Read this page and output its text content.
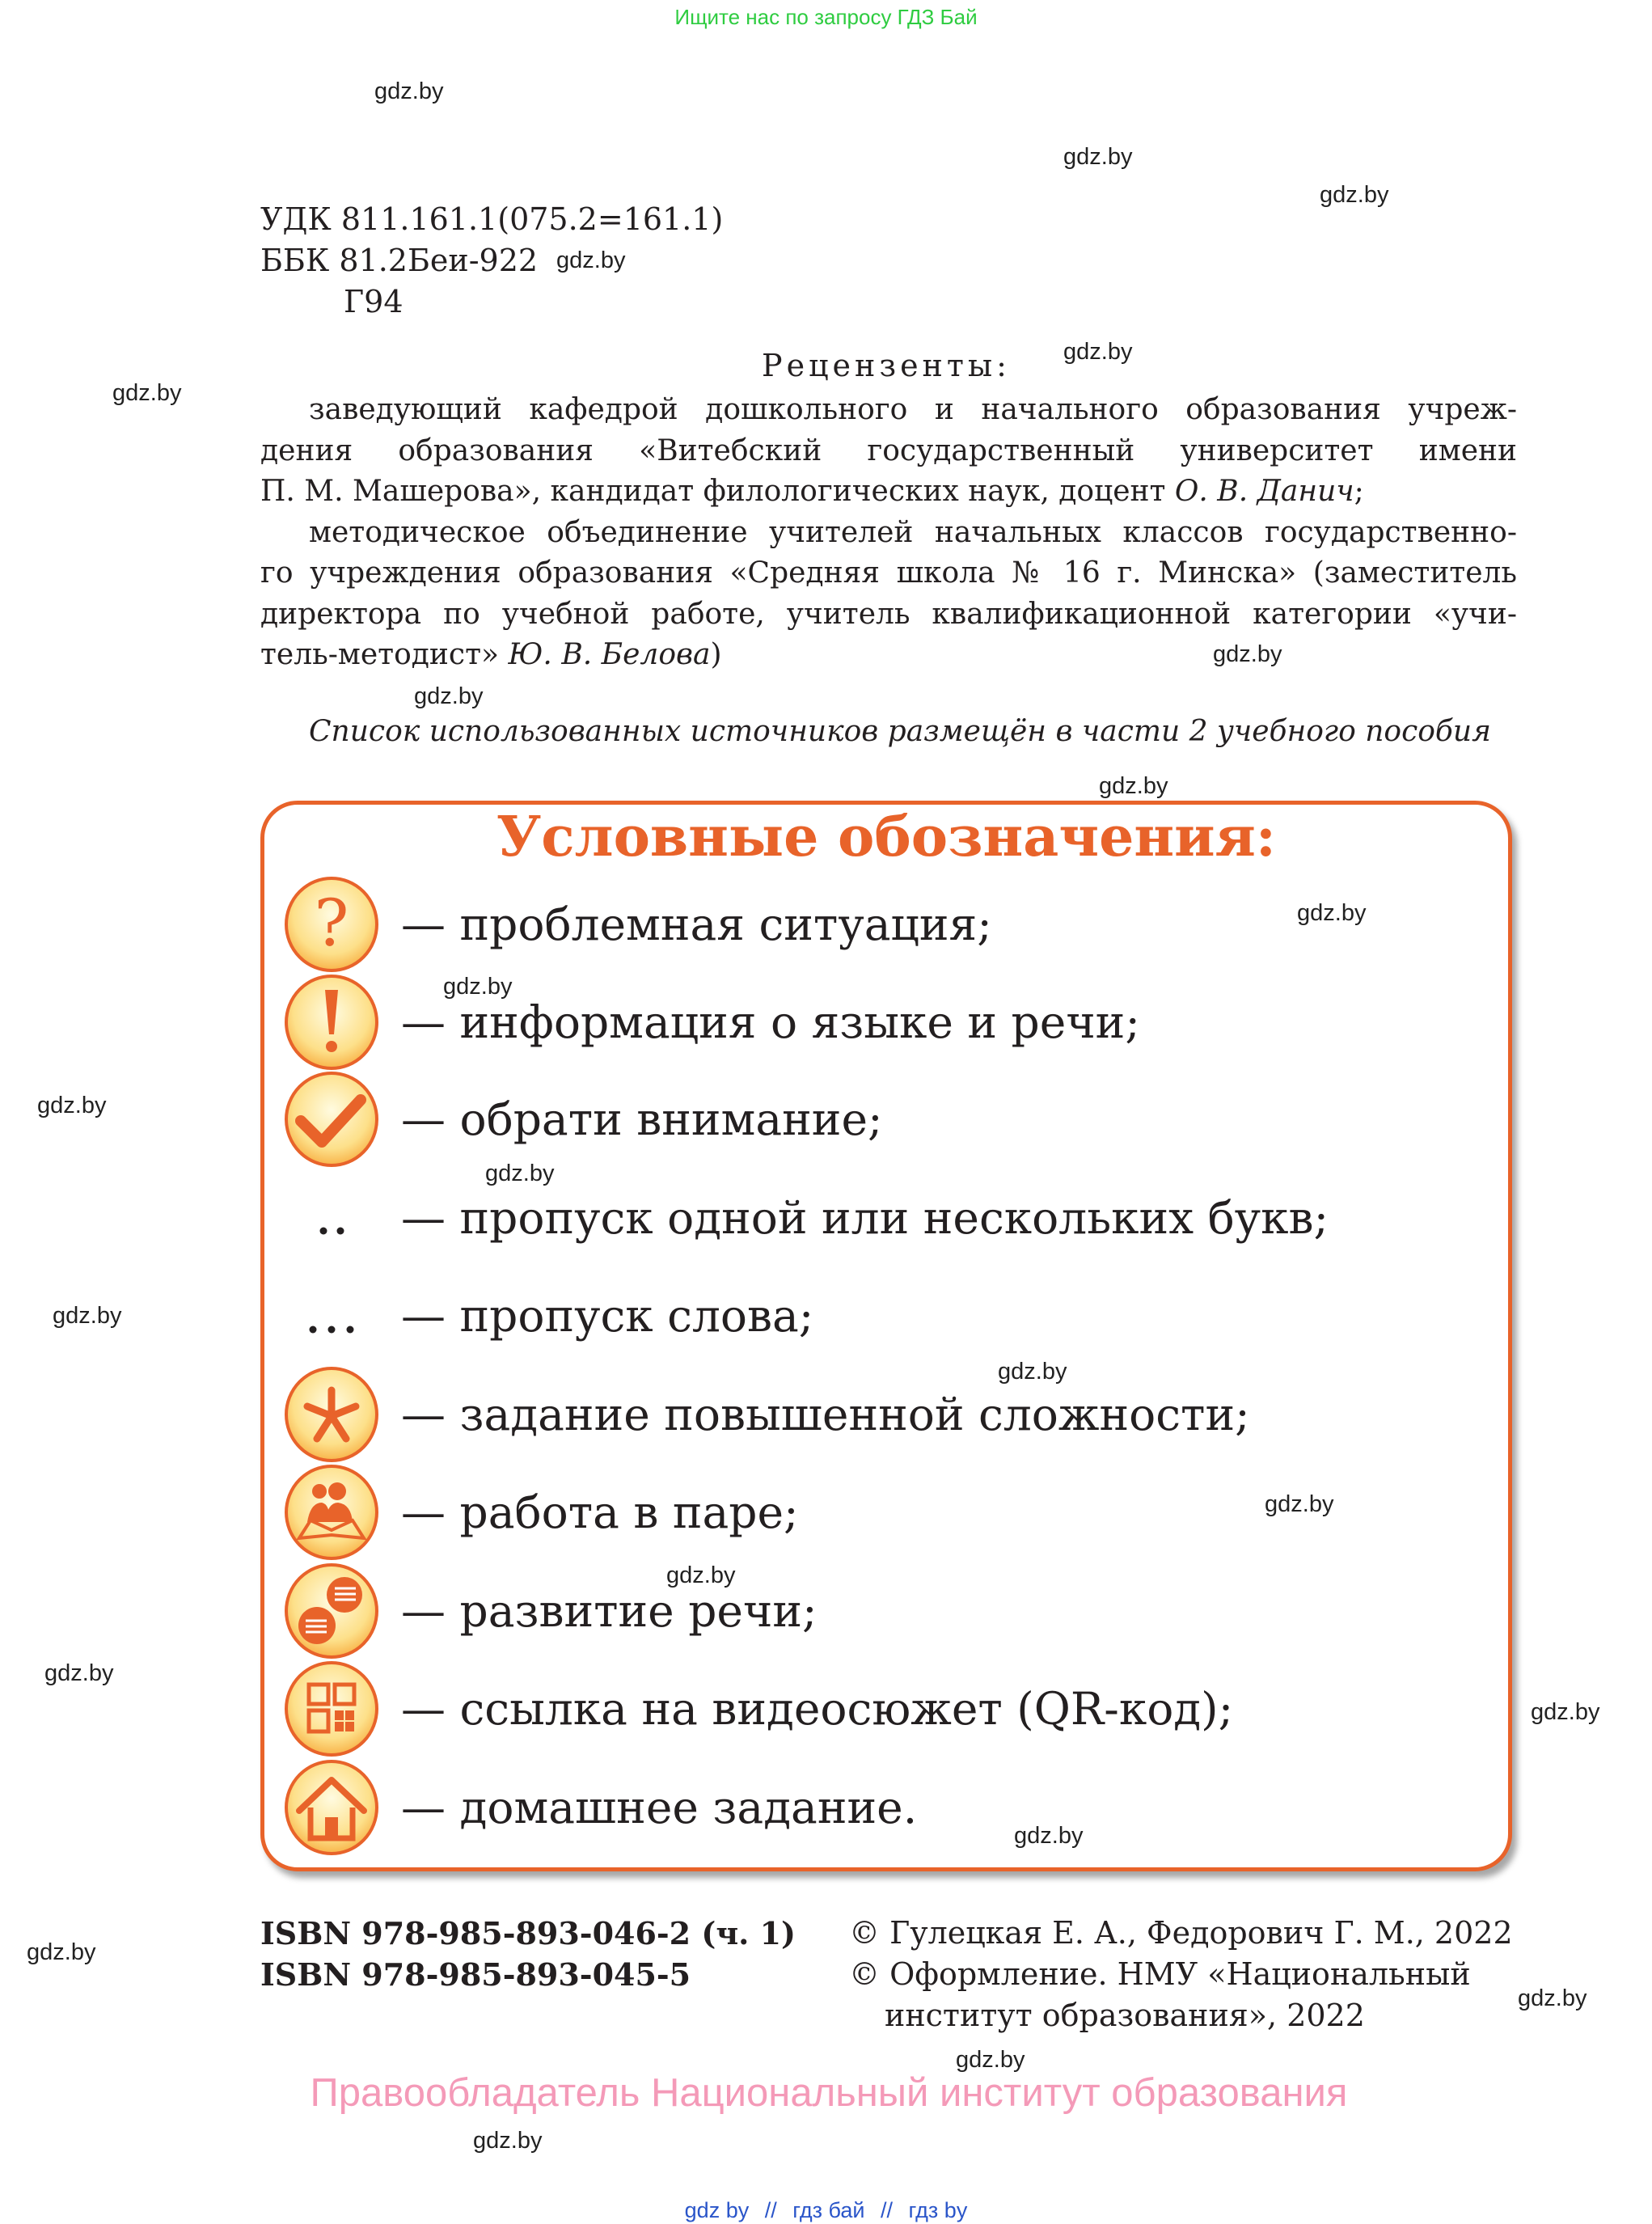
Ищите нас по запросу ГДЗ Бай
УДК 811.161.1(075.2=161.1)
ББК 81.2Беи-922
Г94
Рецензенты:
заведующий кафедрой дошкольного и начального образования учреж-
дения образования «Витебский государственный университет имени
П. М. Машерова», кандидат филологических наук, доцент О. В. Данич;
методическое объединение учителей начальных классов государственно-
го учреждения образования «Средняя школа № 16 г. Минска» (заместитель
директора по учебной работе, учитель квалификационной категории «учи-
тель-методист» Ю. В. Белова)
Список использованных источников размещён в части 2 учебного пособия
Условные обозначения:
? — проблемная ситуация;
— информация о языке и речи;
— обрати внимание;
— пропуск одной или нескольких букв;
— пропуск слова;
— задание повышенной сложности;
— работа в паре;
— развитие речи;
— ссылка на видеосюжет (QR-код);
— домашнее задание.
ISBN 978-985-893-046-2 (ч. 1)
ISBN 978-985-893-045-5
© Гулецкая Е. А., Федорович Г. М., 2022
© Оформление. НМУ «Национальный
институт образования», 2022
Правообладатель Национальный институт образования
gdz by // гдз бай // гдз by
gdz.by
gdz.by
gdz.by
gdz.by
gdz.by
gdz.by
gdz.by
gdz.by
gdz.by
gdz.by
gdz.by
gdz.by
gdz.by
gdz.by
gdz.by
gdz.by
gdz.by
gdz.by
gdz.by
gdz.by
gdz.by
gdz.by
gdz.by
gdz.by
